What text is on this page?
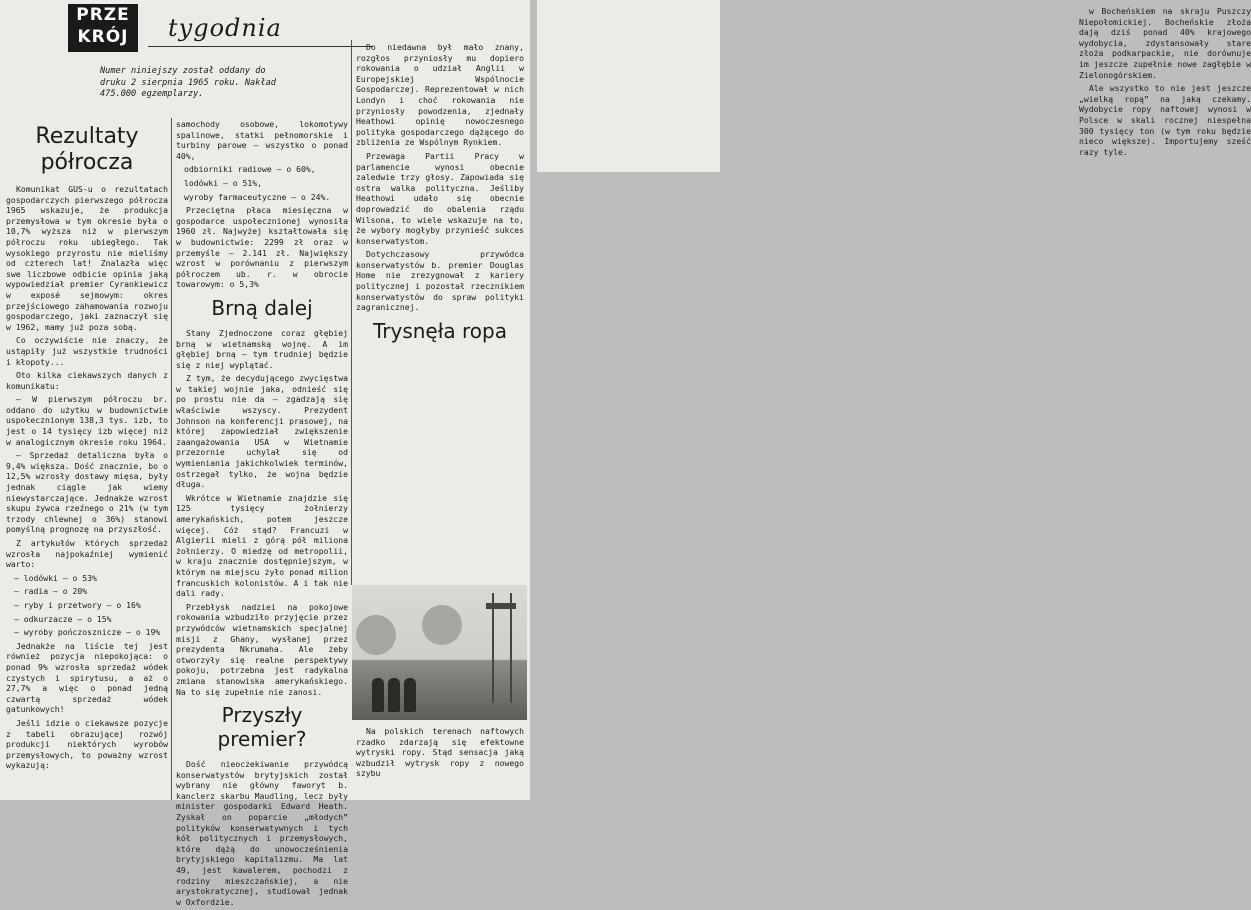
PRZE
KRÓJ	tygodnia
Numer niniejszy został oddany do druku 2 sierpnia 1965 roku. Nakład 475.000 egzemplarzy.
Rezultaty półrocza

Komunikat GUS-u o rezultatach gospodarczych pierwszego półrocza 1965 wskazuje, że produkcja przemysłowa w tym okresie była o 10,7% wyższa niż w pierwszym półroczu roku ubiegłego. Tak wysokiego przyrostu nie mieliśmy od czterech lat! Znalazła więc swe liczbowe odbicie opinia jaką wypowiedział premier Cyrankiewicz w exposé sejmowym: okres przejściowego zahamowania rozwoju gospodarczego, jaki zaznaczył się w 1962, mamy już poza sobą.

Co oczywiście nie znaczy, że ustąpiły już wszystkie trudności i kłopoty...

Oto kilka ciekawszych danych z komunikatu:

— W pierwszym półroczu br. oddano do użytku w budownictwie uspołecznionym 138,3 tys. izb, to jest o 14 tysięcy izb więcej niż w analogicznym okresie roku 1964.

— Sprzedaż detaliczna była o 9,4% większa. Dość znacznie, bo o 12,5% wzrosły dostawy mięsa, były jednak ciągle jak wiemy niewystarczające. Jednakże wzrost skupu żywca rzeźnego o 21% (w tym trzody chlewnej o 36%) stanowi pomyślną prognozę na przyszłość.

Z artykułów których sprzedaż wzrosła najpokaźniej wymienić warto:

— lodówki — o 53%

— radia — o 20%

— ryby i przetwory — o 16%

— odkurzacze — o 15%

— wyroby pończosznicze — o 19%

Jednakże na liście tej jest również pozycja niepokojąca: o ponad 9% wzrosła sprzedaż wódek czystych i spirytusu, a aż o 27,7% a więc o ponad jedną czwartą sprzedaż wódek gatunkowych!

Jeśli idzie o ciekawsze pozycje z tabeli obrazującej rozwój produkcji niektórych wyrobów przemysłowych, to poważny wzrost wykazują:

samochody osobowe, lokomotywy spalinowe, statki pełnomorskie i turbiny parowe — wszystko o ponad 40%,

odbiorniki radiowe — o 60%,

lodówki — o 51%,

wyroby farmaceutyczne — o 24%.

Przeciętna płaca miesięczna w gospodarce uspołecznionej wynosiła 1960 zł. Najwyżej kształtowała się w budownictwie: 2299 zł oraz w przemyśle — 2.141 zł. Największy wzrost w porównaniu z pierwszym półroczem ub. r. w obrocie towarowym: o 5,3%

Brną dalej

Stany Zjednoczone coraz głębiej brną w wietnamską wojnę. A im głębiej brną — tym trudniej będzie się z niej wyplątać.

Z tym, że decydującego zwycięstwa w takiej wojnie jaka, odnieść się po prostu nie da — zgadzają się właściwie wszyscy. Prezydent Johnson na konferencji prasowej, na której zapowiedział zwiększenie zaangażowania USA w Wietnamie przezornie uchylał się od wymieniania jakichkolwiek terminów, ostrzegał tylko, że wojna będzie długa.

Wkrótce w Wietnamie znajdzie się 125 tysięcy żołnierzy amerykańskich, potem jeszcze więcej. Cóż stąd? Francuzi w Algierii mieli z górą pół miliona żołnierzy. O miedzę od metropolii, w kraju znacznie dostępniejszym, w którym na miejscu żyło ponad milion francuskich kolonistów. A i tak nie dali rady.

Przebłysk nadziei na pokojowe rokowania wzbudziło przyjęcie przez przywódców wietnamskich specjalnej misji z Ghany, wysłanej przez prezydenta Nkrumaha. Ale żeby otworzyły się realne perspektywy pokoju, potrzebna jest radykalna zmiana stanowiska amerykańskiego. Na to się zupełnie nie zanosi.

Przyszły premier?

Dość nieoczekiwanie przywódcą konserwatystów brytyjskich został wybrany nie główny faworyt b. kanclerz skarbu Maudling, lecz były minister gospodarki Edward Heath. Zyskał on poparcie „młodych” polityków konserwatywnych i tych kół politycznych i przemysłowych, które dążą do unowocześnienia brytyjskiego kapitalizmu. Ma lat 49, jest kawalerem, pochodzi z rodziny mieszczańskiej, a nie arystokratycznej, studiował jednak w Oxfordzie.

Do niedawna był mało znany, rozgłos przyniosły mu dopiero rokowania o udział Anglii w Europejskiej Wspólnocie Gospodarczej. Reprezentował w nich Londyn i choć rokowania nie przyniosły powodzenia, zjednały Heathowi opinię nowoczesnego polityka gospodarczego dążącego do zbliżenia ze Wspólnym Rynkiem.

Przewaga Partii Pracy w parlamencie wynosi obecnie zaledwie trzy głosy. Zapowiada się ostra walka polityczna. Jeśliby Heathowi udało się obecnie doprowadzić do obalenia rządu Wilsona, to wiele wskazuje na to, że wybory mogłyby przynieść sukces konserwatystom.

Dotychczasowy przywódca konserwatystów b. premier Douglas Home nie zrezygnował z kariery politycznej i pozostał rzecznikiem konserwatystów do spraw polityki zagranicznej.

Trysnęła ropa

Na polskich terenach naftowych rzadko zdarzają się efektowne wytryski ropy. Stąd sensacja jaką wzbudził wytrysk ropy z nowego szybu

w Bocheńskiem na skraju Puszczy Niepołomickiej. Bocheńskie złoża dają dziś ponad 40% krajowego wydobycia, zdystansowały stare złoża podkarpackie, nie dorównuje im jeszcze zupełnie nowe zagłębie w Zielonogórskiem.

Ale wszystko to nie jest jeszcze „wielką ropą” na jaką czekamy. Wydobycie ropy naftowej wynosi w Polsce w skali rocznej niespełna 300 tysięcy ton (w tym roku będzie nieco większe). Importujemy sześć razy tyle.
